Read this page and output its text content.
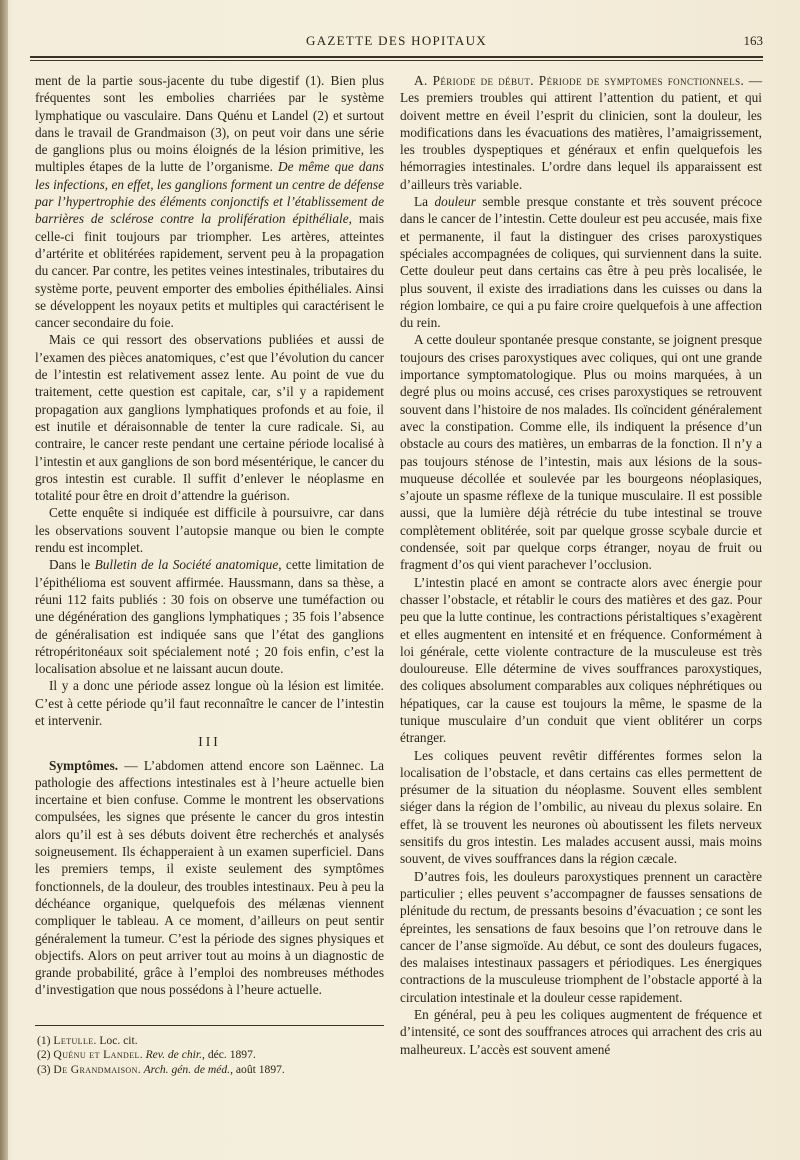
GAZETTE DES HOPITAUX	163

ment de la partie sous-jacente du tube digestif (1). Bien plus fréquentes sont les embolies charriées par le système lymphatique ou vasculaire. Dans Quénu et Landel (2) et surtout dans le travail de Grandmaison (3), on peut voir dans une série de ganglions plus ou moins éloignés de la lésion primitive, les multiples étapes de la lutte de l’organisme. De même que dans les infections, en effet, les ganglions forment un centre de défense par l’hypertrophie des éléments conjonctifs et l’établissement de barrières de sclérose contre la prolifération épithéliale, mais celle-ci finit toujours par triompher. Les artères, atteintes d’artérite et oblitérées rapidement, servent peu à la propagation du cancer. Par contre, les petites veines intestinales, tributaires du système porte, peuvent emporter des embolies épithéliales. Ainsi se développent les noyaux petits et multiples qui caractérisent le cancer secondaire du foie.

Mais ce qui ressort des observations publiées et aussi de l’examen des pièces anatomiques, c’est que l’évolution du cancer de l’intestin est relativement assez lente. Au point de vue du traitement, cette question est capitale, car, s’il y a rapidement propagation aux ganglions lymphatiques profonds et au foie, il est inutile et déraisonnable de tenter la cure radicale. Si, au contraire, le cancer reste pendant une certaine période localisé à l’intestin et aux ganglions de son bord mésentérique, le cancer du gros intestin est curable. Il suffit d’enlever le néoplasme en totalité pour être en droit d’attendre la guérison.

Cette enquête si indiquée est difficile à poursuivre, car dans les observations souvent l’autopsie manque ou bien le compte rendu est incomplet.

Dans le Bulletin de la Société anatomique, cette limitation de l’épithélioma est souvent affirmée. Haussmann, dans sa thèse, a réuni 112 faits publiés : 30 fois on observe une tuméfaction ou une dégénération des ganglions lymphatiques ; 35 fois l’absence de généralisation est indiquée sans que l’état des ganglions rétropéritonéaux soit spécialement noté ; 20 fois enfin, c’est la localisation absolue et ne laissant aucun doute.

Il y a donc une période assez longue où la lésion est limitée. C’est à cette période qu’il faut reconnaître le cancer de l’intestin et intervenir.

III

Symptômes. — L’abdomen attend encore son Laënnec. La pathologie des affections intestinales est à l’heure actuelle bien incertaine et bien confuse. Comme le montrent les observations compulsées, les signes que présente le cancer du gros intestin alors qu’il est à ses débuts doivent être recherchés et analysés soigneusement. Ils échapperaient à un examen superficiel. Dans les premiers temps, il existe seulement des symptômes fonctionnels, de la douleur, des troubles intestinaux. Peu à peu la déchéance organique, quelquefois des mélænas viennent compliquer le tableau. A ce moment, d’ailleurs on peut sentir généralement la tumeur. C’est la période des signes physiques et objectifs. Alors on peut arriver tout au moins à un diagnostic de grande probabilité, grâce à l’emploi des nombreuses méthodes d’investigation que nous possédons à l’heure actuelle.

(1) Letulle. Loc. cit.

(2) Quénu et Landel. Rev. de chir., déc. 1897.

(3) De Grandmaison. Arch. gén. de méd., août 1897.

A. Période de début. Période de symptomes fonctionnels. — Les premiers troubles qui attirent l’attention du patient, et qui doivent mettre en éveil l’esprit du clinicien, sont la douleur, les modifications dans les évacuations des matières, l’amaigrissement, les troubles dyspeptiques et généraux et enfin quelquefois les hémorragies intestinales. L’ordre dans lequel ils apparaissent est d’ailleurs très variable.

La douleur semble presque constante et très souvent précoce dans le cancer de l’intestin. Cette douleur est peu accusée, mais fixe et permanente, il faut la distinguer des crises paroxystiques spéciales accompagnées de coliques, qui surviennent dans la suite. Cette douleur peut dans certains cas être à peu près localisée, le plus souvent, il existe des irradiations dans les cuisses ou dans la région lombaire, ce qui a pu faire croire quelquefois à une affection du rein.

A cette douleur spontanée presque constante, se joignent presque toujours des crises paroxystiques avec coliques, qui ont une grande importance symptomatologique. Plus ou moins marquées, à un degré plus ou moins accusé, ces crises paroxystiques se retrouvent souvent dans l’histoire de nos malades. Ils coïncident généralement avec la constipation. Comme elle, ils indiquent la présence d’un obstacle au cours des matières, un embarras de la fonction. Il n’y a pas toujours sténose de l’intestin, mais aux lésions de la sous-muqueuse décollée et soulevée par les bourgeons néoplasiques, s’ajoute un spasme réflexe de la tunique musculaire. Il est possible aussi, que la lumière déjà rétrécie du tube intestinal se trouve complètement oblitérée, soit par quelque grosse scybale durcie et condensée, soit par quelque corps étranger, noyau de fruit ou fragment d’os qui vient parachever l’occlusion.

L’intestin placé en amont se contracte alors avec énergie pour chasser l’obstacle, et rétablir le cours des matières et des gaz. Pour peu que la lutte continue, les contractions péristaltiques s’exagèrent et elles augmentent en intensité et en fréquence. Conformément à loi générale, cette violente contracture de la musculeuse est très douloureuse. Elle détermine de vives souffrances paroxystiques, des coliques absolument comparables aux coliques néphrétiques ou hépatiques, car la cause est toujours la même, le spasme de la tunique musculaire d’un conduit que vient oblitérer un corps étranger.

Les coliques peuvent revêtir différentes formes selon la localisation de l’obstacle, et dans certains cas elles permettent de présumer de la situation du néoplasme. Souvent elles semblent siéger dans la région de l’ombilic, au niveau du plexus solaire. En effet, là se trouvent les neurones où aboutissent les filets nerveux sensitifs du gros intestin. Les malades accusent aussi, mais moins souvent, de vives souffrances dans la région cæcale.

D’autres fois, les douleurs paroxystiques prennent un caractère particulier ; elles peuvent s’accompagner de fausses sensations de plénitude du rectum, de pressants besoins d’évacuation ; ce sont les épreintes, les sensations de faux besoins que l’on retrouve dans le cancer de l’anse sigmoïde. Au début, ce sont des douleurs fugaces, des malaises intestinaux passagers et périodiques. Les énergiques contractions de la musculeuse triomphent de l’obstacle apporté à la circulation intestinale et la douleur cesse rapidement.

En général, peu à peu les coliques augmentent de fréquence et d’intensité, ce sont des souffrances atroces qui arrachent des cris au malheureux. L’accès est souvent amené
